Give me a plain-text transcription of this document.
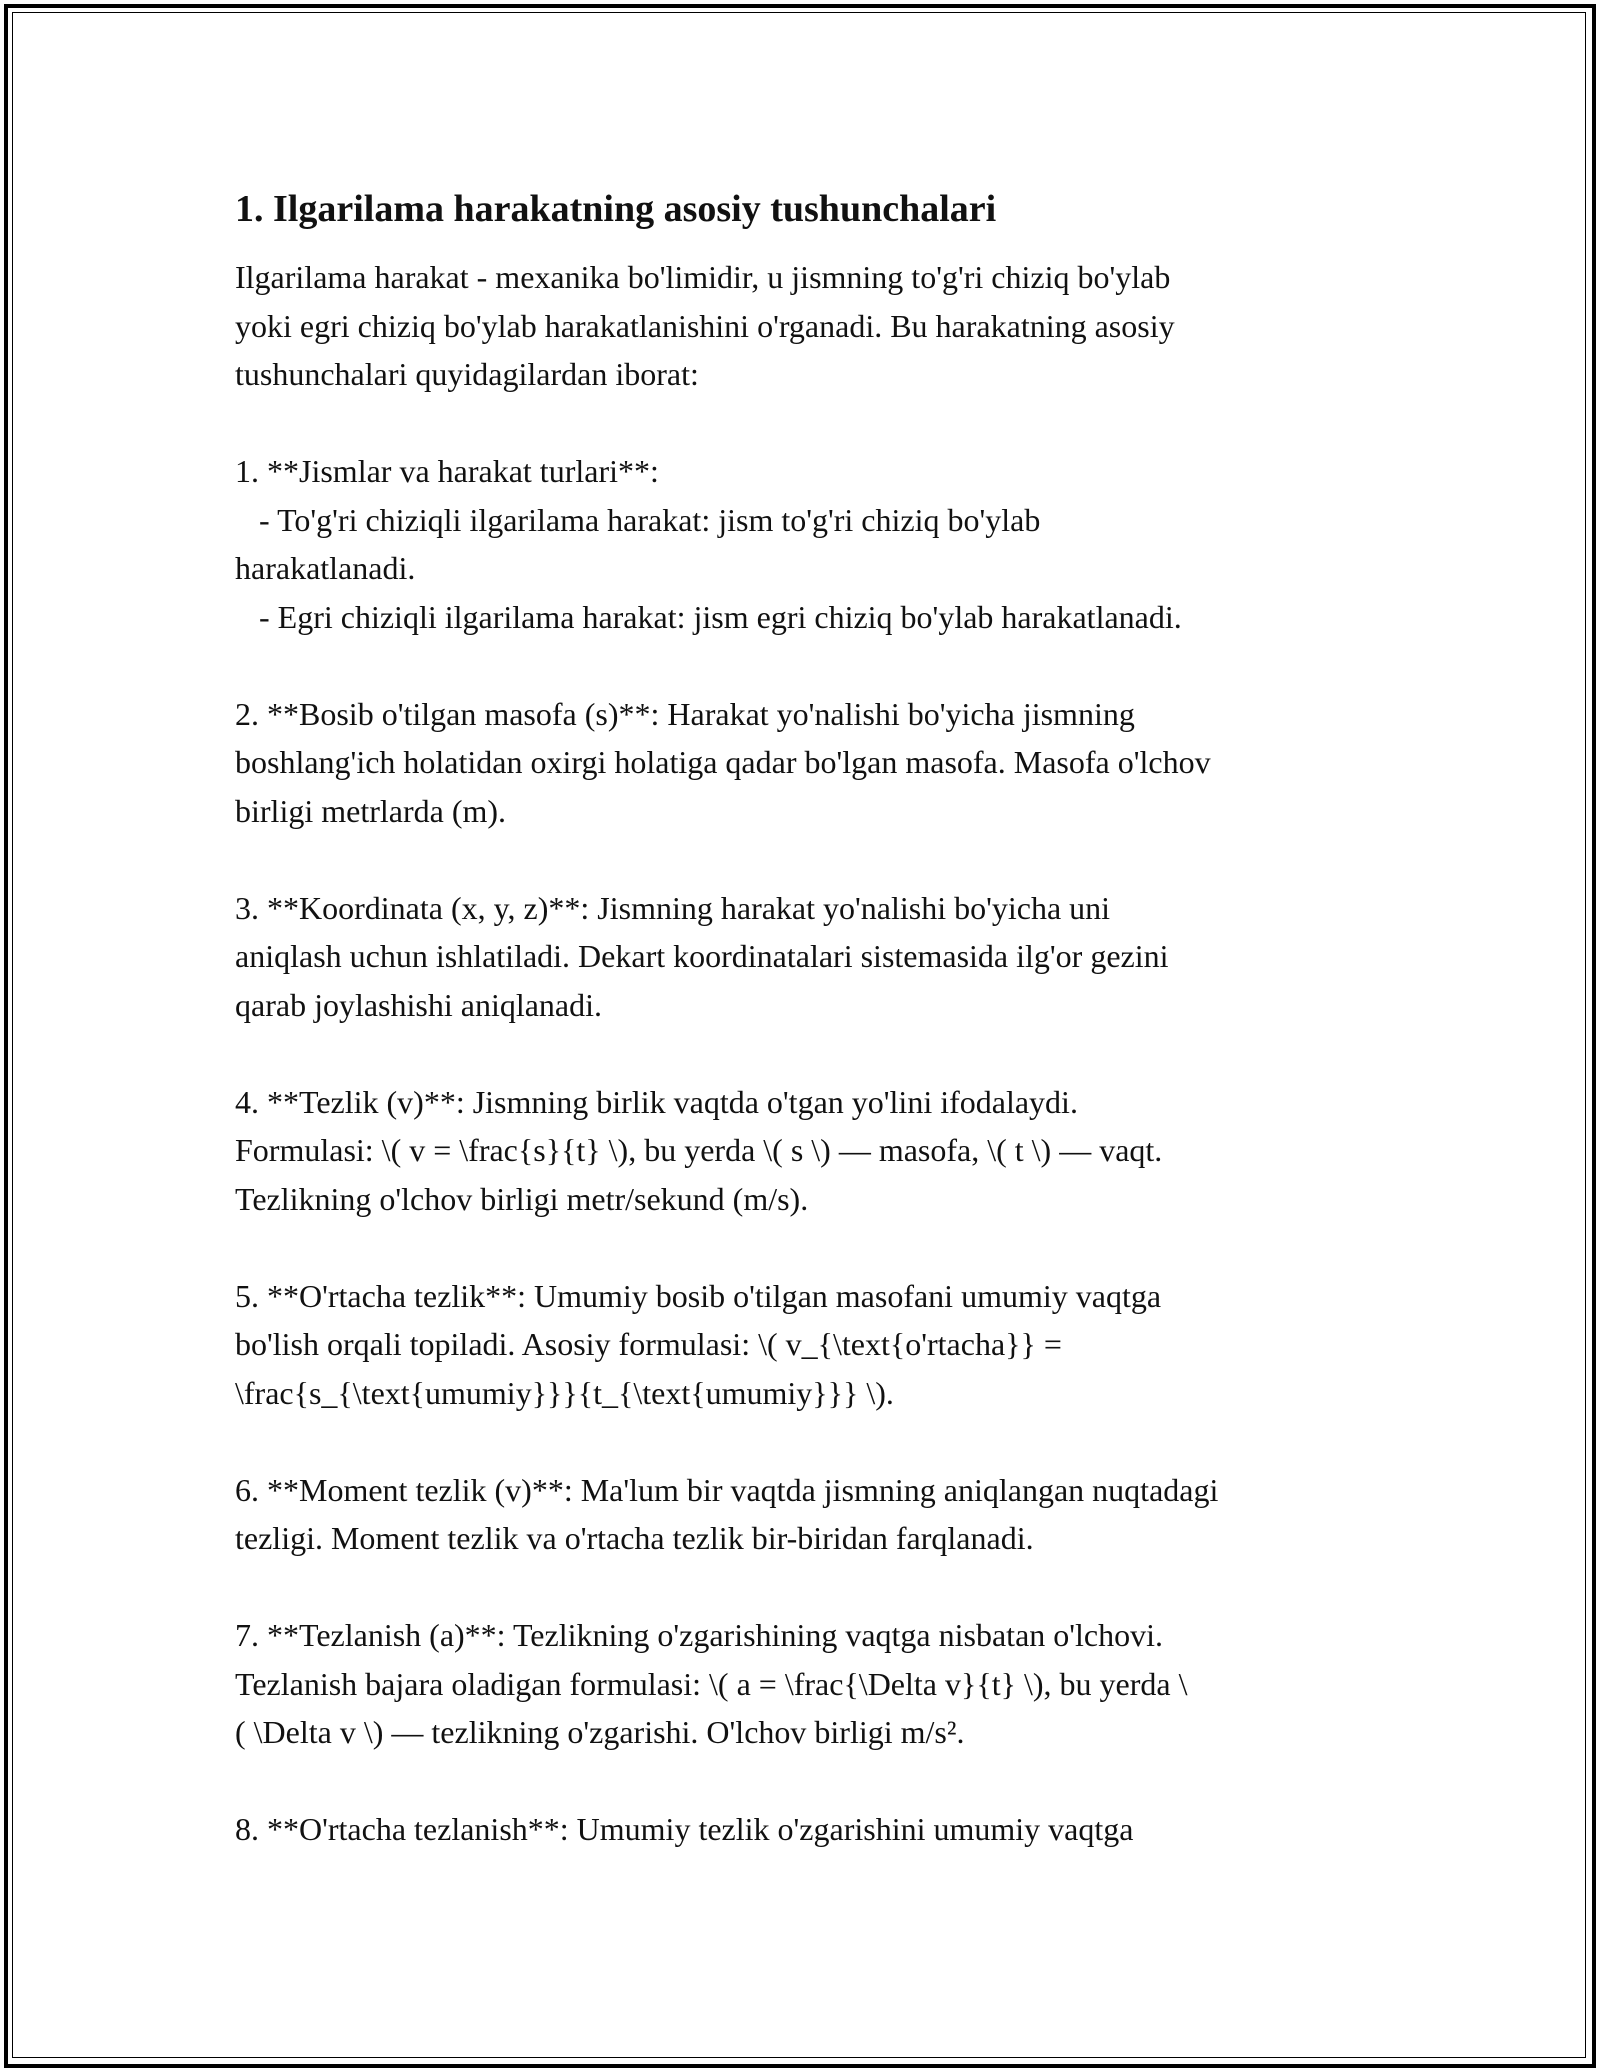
1. Ilgarilama harakatning asosiy tushunchalari
Ilgarilama harakat - mexanika bo'limidir, u jismning to'g'ri chiziq bo'ylab
yoki egri chiziq bo'ylab harakatlanishini o'rganadi. Bu harakatning asosiy
tushunchalari quyidagilardan iborat:
1. **Jismlar va harakat turlari**:
- To'g'ri chiziqli ilgarilama harakat: jism to'g'ri chiziq bo'ylab
harakatlanadi.
- Egri chiziqli ilgarilama harakat: jism egri chiziq bo'ylab harakatlanadi.
2. **Bosib o'tilgan masofa (s)**: Harakat yo'nalishi bo'yicha jismning
boshlang'ich holatidan oxirgi holatiga qadar bo'lgan masofa. Masofa o'lchov
birligi metrlarda (m).
3. **Koordinata (x, y, z)**: Jismning harakat yo'nalishi bo'yicha uni
aniqlash uchun ishlatiladi. Dekart koordinatalari sistemasida ilg'or gezini
qarab joylashishi aniqlanadi.
4. **Tezlik (v)**: Jismning birlik vaqtda o'tgan yo'lini ifodalaydi.
Formulasi: \( v = \frac{s}{t} \), bu yerda \( s \) — masofa, \( t \) — vaqt.
Tezlikning o'lchov birligi metr/sekund (m/s).
5. **O'rtacha tezlik**: Umumiy bosib o'tilgan masofani umumiy vaqtga
bo'lish orqali topiladi. Asosiy formulasi: \( v_{\text{o'rtacha}} =
\frac{s_{\text{umumiy}}}{t_{\text{umumiy}}} \).
6. **Moment tezlik (v)**: Ma'lum bir vaqtda jismning aniqlangan nuqtadagi
tezligi. Moment tezlik va o'rtacha tezlik bir-biridan farqlanadi.
7. **Tezlanish (a)**: Tezlikning o'zgarishining vaqtga nisbatan o'lchovi.
Tezlanish bajara oladigan formulasi: \( a = \frac{\Delta v}{t} \), bu yerda \
( \Delta v \) — tezlikning o'zgarishi. O'lchov birligi m/s².
8. **O'rtacha tezlanish**: Umumiy tezlik o'zgarishini umumiy vaqtga
